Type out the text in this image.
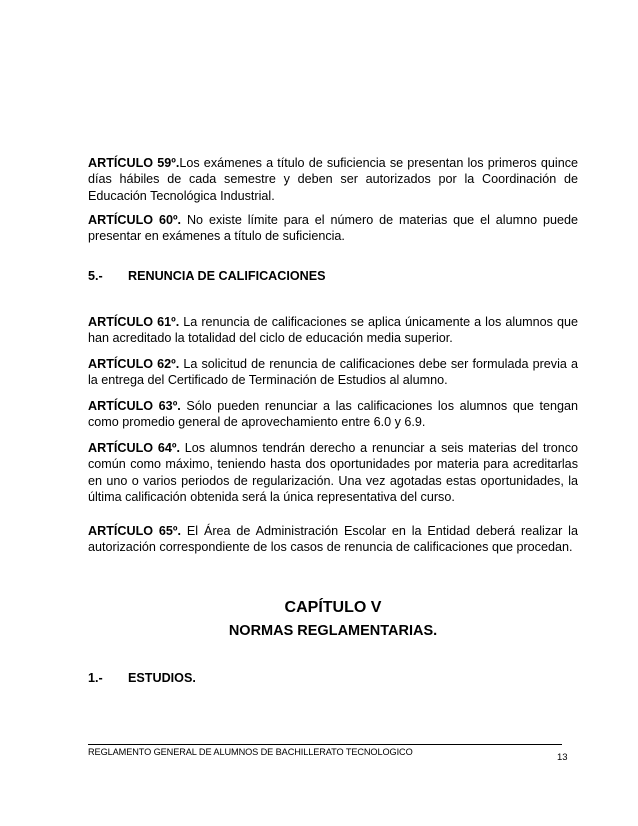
ARTÍCULO 59º.Los exámenes a título de suficiencia se presentan los primeros quince días hábiles de cada semestre y deben ser autorizados por la Coordinación de Educación Tecnológica Industrial.

ARTÍCULO 60º. No existe límite para el número de materias que el alumno puede presentar en exámenes a título de suficiencia.

5.- RENUNCIA DE CALIFICACIONES

ARTÍCULO 61º. La renuncia de calificaciones se aplica únicamente a los alumnos que han acreditado la totalidad del ciclo de educación media superior.

ARTÍCULO 62º. La solicitud de renuncia de calificaciones debe ser formulada previa a la entrega del Certificado de Terminación de Estudios al alumno.

ARTÍCULO 63º. Sólo pueden renunciar a las calificaciones los alumnos que tengan como promedio general de aprovechamiento entre 6.0 y 6.9.

ARTÍCULO 64º. Los alumnos tendrán derecho a renunciar a seis materias del tronco común como máximo, teniendo hasta dos oportunidades por materia para acreditarlas en uno o varios periodos de regularización. Una vez agotadas estas oportunidades, la última calificación obtenida será la única representativa del curso.

ARTÍCULO 65º. El Área de Administración Escolar en la Entidad deberá realizar la autorización correspondiente de los casos de renuncia de calificaciones que procedan.

CAPÍTULO V
NORMAS REGLAMENTARIAS.

1.- ESTUDIOS.

REGLAMENTO GENERAL DE ALUMNOS DE BACHILLERATO TECNOLOGICO	13
